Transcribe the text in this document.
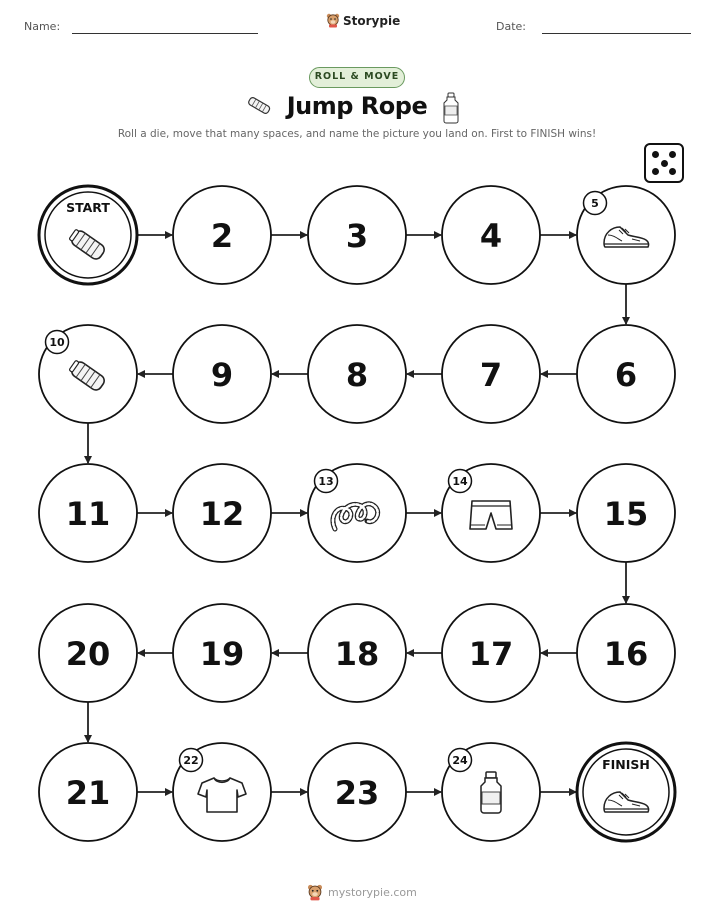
Name:	Storypie	Date:
ROLL & MOVE
Jump Rope
Roll a die, move that many spaces, and name the picture you land on. First to FINISH wins!
START
2	3	4
5
6
7
8
9
10
11	12
13	14
15
16
17
18
19
20
21
22
23
24	FINISH
mystorypie.com
